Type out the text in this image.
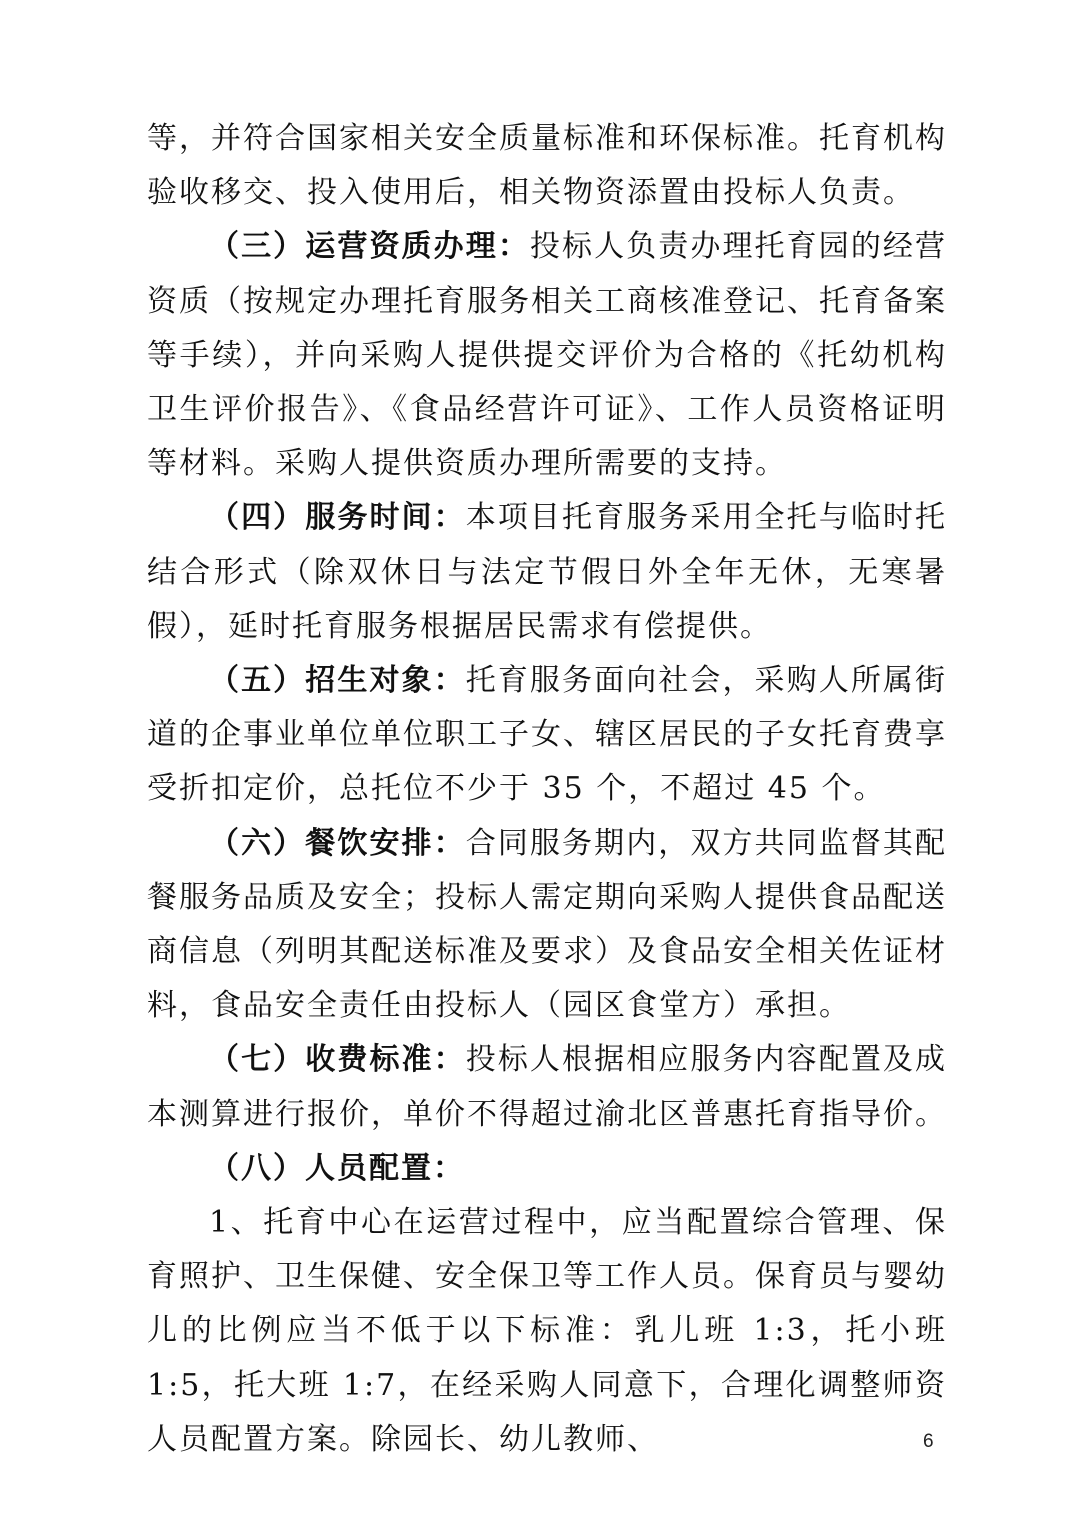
等，并符合国家相关安全质量标准和环保标准。托育机构验收移交、投入使用后，相关物资添置由投标人负责。

（三）运营资质办理：投标人负责办理托育园的经营资质（按规定办理托育服务相关工商核准登记、托育备案等手续），并向采购人提供提交评价为合格的《托幼机构卫生评价报告》、《食品经营许可证》、工作人员资格证明等材料。采购人提供资质办理所需要的支持。

（四）服务时间：本项目托育服务采用全托与临时托结合形式（除双休日与法定节假日外全年无休，无寒暑假），延时托育服务根据居民需求有偿提供。

（五）招生对象：托育服务面向社会，采购人所属街道的企事业单位单位职工子女、辖区居民的子女托育费享受折扣定价，总托位不少于 35 个，不超过 45 个。

（六）餐饮安排：合同服务期内，双方共同监督其配餐服务品质及安全；投标人需定期向采购人提供食品配送商信息（列明其配送标准及要求）及食品安全相关佐证材料，食品安全责任由投标人（园区食堂方）承担。

（七）收费标准：投标人根据相应服务内容配置及成本测算进行报价，单价不得超过渝北区普惠托育指导价。

（八）人员配置：

1、托育中心在运营过程中，应当配置综合管理、保育照护、卫生保健、安全保卫等工作人员。保育员与婴幼儿的比例应当不低于以下标准：乳儿班 1:3，托小班 1:5，托大班 1:7，在经采购人同意下，合理化调整师资人员配置方案。除园长、幼儿教师、	6
